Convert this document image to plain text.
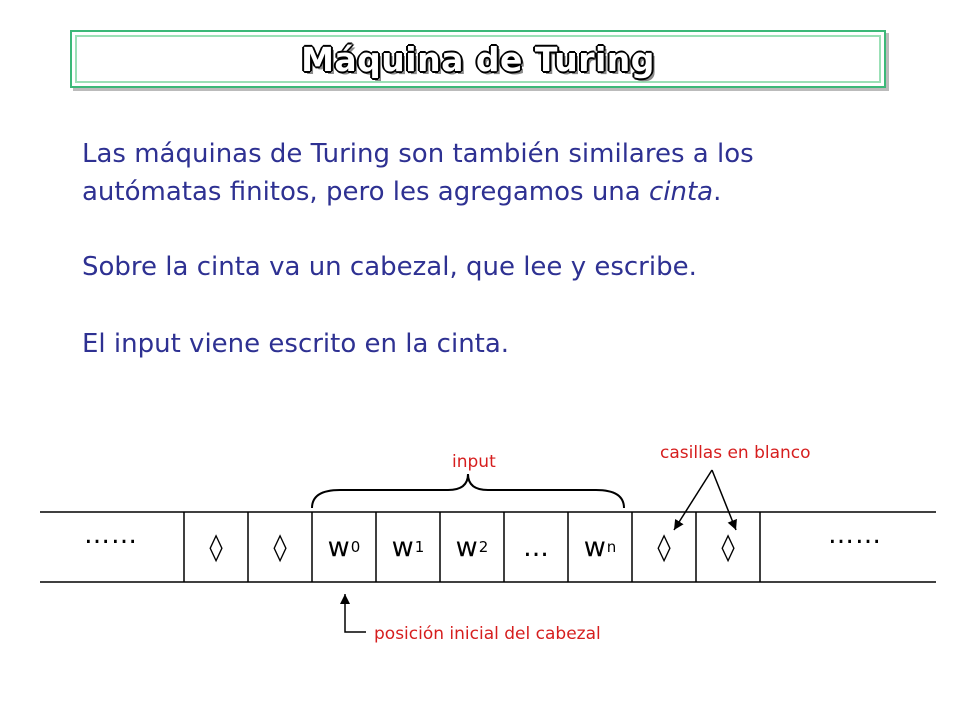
Máquina de Turing

Las máquinas de Turing son también similares a los
autómatas finitos, pero les agregamos una cinta.

Sobre la cinta va un cabezal, que lee y escribe.

El input viene escrito en la cinta.

input	casillas en blanco
posición inicial del cabezal
……	……
◊ ◊ w 0 w 1 w 2 ... w n ◊ ◊
